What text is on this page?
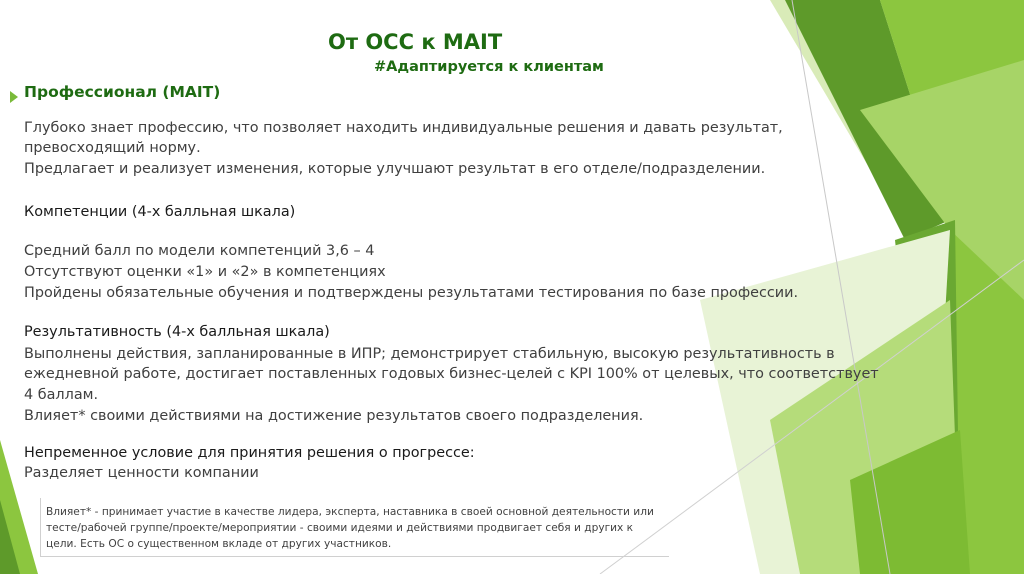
От ОСС к MAIT
#Адаптируется к клиентам
Профессионал (MAIT)
Глубоко знает профессию, что позволяет находить индивидуальные решения и давать результат,
превосходящий норму.
Предлагает и реализует изменения, которые улучшают результат в его отделе/подразделении.
Компетенции (4-х балльная шкала)
Средний балл по модели компетенций 3,6 – 4
Отсутствуют оценки «1» и «2» в компетенциях
Пройдены обязательные обучения и подтверждены результатами тестирования по базе профессии.
Результативность (4-х балльная шкала)
Выполнены действия, запланированные в ИПР; демонстрирует стабильную, высокую результативность в
ежедневной работе, достигает поставленных годовых бизнес-целей с KPI 100% от целевых, что соответствует
4 баллам.
Влияет* своими действиями на достижение результатов своего подразделения.
Непременное условие для принятия решения о прогрессе:
Разделяет ценности компании
Влияет* - принимает участие в качестве лидера, эксперта, наставника в своей основной деятельности или
тесте/рабочей группе/проекте/мероприятии - своими идеями и действиями продвигает себя и других к
цели. Есть ОС о существенном вкладе от других участников.
